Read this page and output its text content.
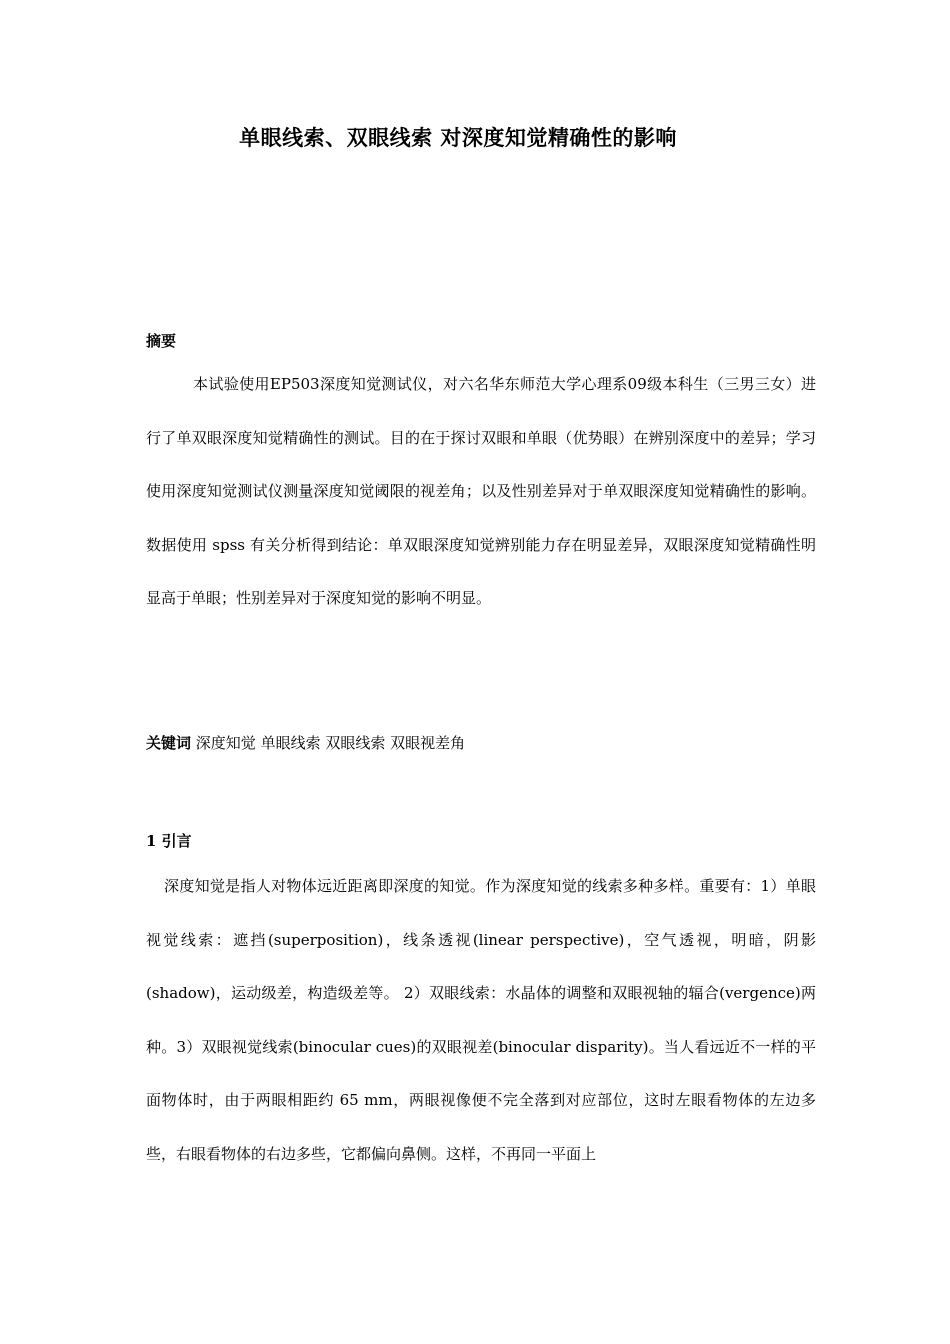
单眼线索、双眼线索 对深度知觉精确性的影响
摘要

本试验使用EP503深度知觉测试仪，对六名华东师范大学心理系09级本科生（三男三女）进行了单双眼深度知觉精确性的测试。目的在于探讨双眼和单眼（优势眼）在辨别深度中的差异；学习使用深度知觉测试仪测量深度知觉阈限的视差角；以及性别差异对于单双眼深度知觉精确性的影响。数据使用 spss 有关分析得到结论：单双眼深度知觉辨别能力存在明显差异，双眼深度知觉精确性明显高于单眼；性别差异对于深度知觉的影响不明显。

关键词 深度知觉 单眼线索 双眼线索 双眼视差角

1 引言

深度知觉是指人对物体远近距离即深度的知觉。作为深度知觉的线索多种多样。重要有：1）单眼视觉线索：遮挡(superposition)，线条透视(linear perspective)，空气透视，明暗，阴影(shadow)，运动级差，构造级差等。 2）双眼线索：水晶体的调整和双眼视轴的辐合(vergence)两种。3）双眼视觉线索(binocular cues)的双眼视差(binocular disparity)。当人看远近不一样的平面物体时，由于两眼相距约 65 mm，两眼视像便不完全落到对应部位，这时左眼看物体的左边多些，右眼看物体的右边多些，它都偏向鼻侧。这样，不再同一平面上
